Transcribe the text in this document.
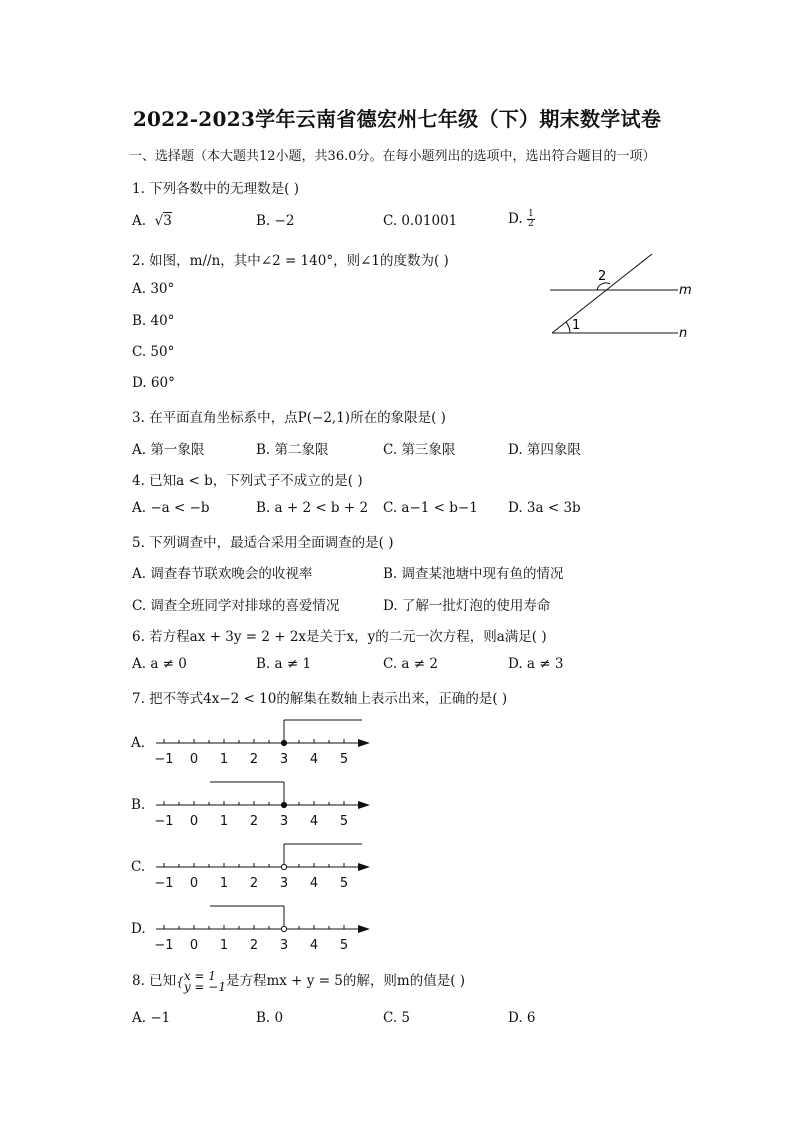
2022-2023学年云南省德宏州七年级（下）期末数学试卷
一、选择题（本大题共12小题，共36.0分。在每小题列出的选项中，选出符合题目的一项）
1. 下列各数中的无理数是( )
A.  √3	B. −2	C. 0.01001	D. $\frac{1}{2}$
2. 如图，m//n，其中∠2 = 140°，则∠1的度数为( )
A. 30°
B. 40°
C. 50°
D. 60°
2
1
m
n
3. 在平面直角坐标系中，点P(−2,1)所在的象限是( )
A. 第一象限	B. 第二象限	C. 第三象限	D. 第四象限
4. 已知a < b，下列式子不成立的是( )
A. −a < −b	B. a + 2 < b + 2 C. a−1 < b−1 D. 3a < 3b
5. 下列调查中，最适合采用全面调查的是( )
A. 调查春节联欢晚会的收视率	B. 调查某池塘中现有鱼的情况
C. 调查全班同学对排球的喜爱情况	D. 了解一批灯泡的使用寿命
6. 若方程ax + 3y = 2 + 2x是关于x，y的二元一次方程，则a满足( )
A. a ≠ 0	B. a ≠ 1	C. a ≠ 2	D. a ≠ 3
7. 把不等式4x−2 < 10的解集在数轴上表示出来，正确的是( )
A.
−1 0 1 2 3 4 5
B.
−1 0 1 2 3 4 5
C.
−1 0 1 2 3 4 5
D.
−1 0 1 2 3 4 5
8. 已知{ x = 1
y = −1 是方程mx + y = 5的解，则m的值是( )
A. −1	B. 0	C. 5	D. 6
